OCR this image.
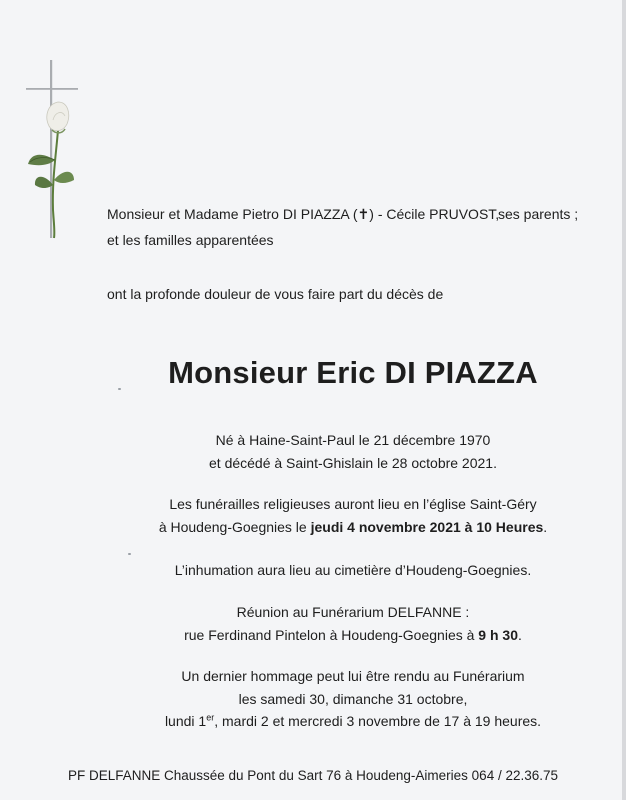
Monsieur et Madame Pietro DI PIAZZA (✝) - Cécile PRUVOST,
ses parents ;
et les familles apparentées
ont la profonde douleur de vous faire part du décès de
Monsieur Eric DI PIAZZA
Né à Haine-Saint-Paul le 21 décembre 1970
et décédé à Saint-Ghislain le 28 octobre 2021.
Les funérailles religieuses auront lieu en l’église Saint-Géry
à Houdeng-Goegnies le jeudi 4 novembre 2021 à 10 Heures.
L’inhumation aura lieu au cimetière d’Houdeng-Goegnies.
Réunion au Funérarium DELFANNE :
rue Ferdinand Pintelon à Houdeng-Goegnies à 9 h 30.
Un dernier hommage peut lui être rendu au Funérarium
les samedi 30, dimanche 31 octobre,
lundi 1er, mardi 2 et mercredi 3 novembre de 17 à 19 heures.
PF DELFANNE Chaussée du Pont du Sart 76 à Houdeng-Aimeries 064 / 22.36.75
